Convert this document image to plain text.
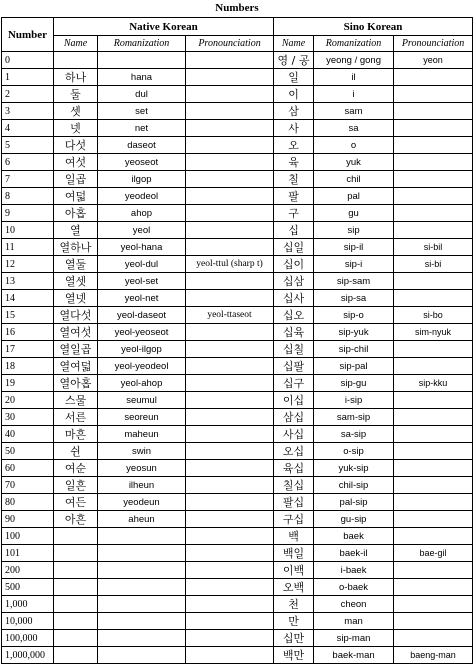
Numbers
Number	Native Korean			Sino Korean		
	Name	Romanization	Pronounciation	Name	Romanization	Pronounciation
0				영 / 공	yeong / gong	yeon
1	하나	hana		일	il	
2	둘	dul		이	i	
3	셋	set		삼	sam	
4	넷	net		사	sa	
5	다섯	daseot		오	o	
6	여섯	yeoseot		육	yuk	
7	일곱	ilgop		칠	chil	
8	여덟	yeodeol		팔	pal	
9	아홉	ahop		구	gu	
10	열	yeol		십	sip	
11	열하나	yeol-hana		십일	sip-il	si-bil
12	열둘	yeol-dul	yeol-ttul (sharp t)	십이	sip-i	si-bi
13	열셋	yeol-set		십삼	sip-sam	
14	열넷	yeol-net		십사	sip-sa	
15	열다섯	yeol-daseot	yeol-ttaseot	십오	sip-o	si-bo
16	열여섯	yeol-yeoseot		십육	sip-yuk	sim-nyuk
17	열일곱	yeol-ilgop		십칠	sip-chil	
18	열여덟	yeol-yeodeol		십팔	sip-pal	
19	열아홉	yeol-ahop		십구	sip-gu	sip-kku
20	스물	seumul		이십	i-sip	
30	서른	seoreun		삼십	sam-sip	
40	마흔	maheun		사십	sa-sip	
50	쉰	swin		오십	o-sip	
60	여순	yeosun		육십	yuk-sip	
70	일흔	ilheun		칠십	chil-sip	
80	여든	yeodeun		팔십	pal-sip	
90	아흔	aheun		구십	gu-sip	
100				백	baek	
101				백일	baek-il	bae-gil
200				이백	i-baek	
500				오백	o-baek	
1,000				천	cheon	
10,000				만	man	
100,000				십만	sip-man	
1,000,000				백만	baek-man	baeng-man
